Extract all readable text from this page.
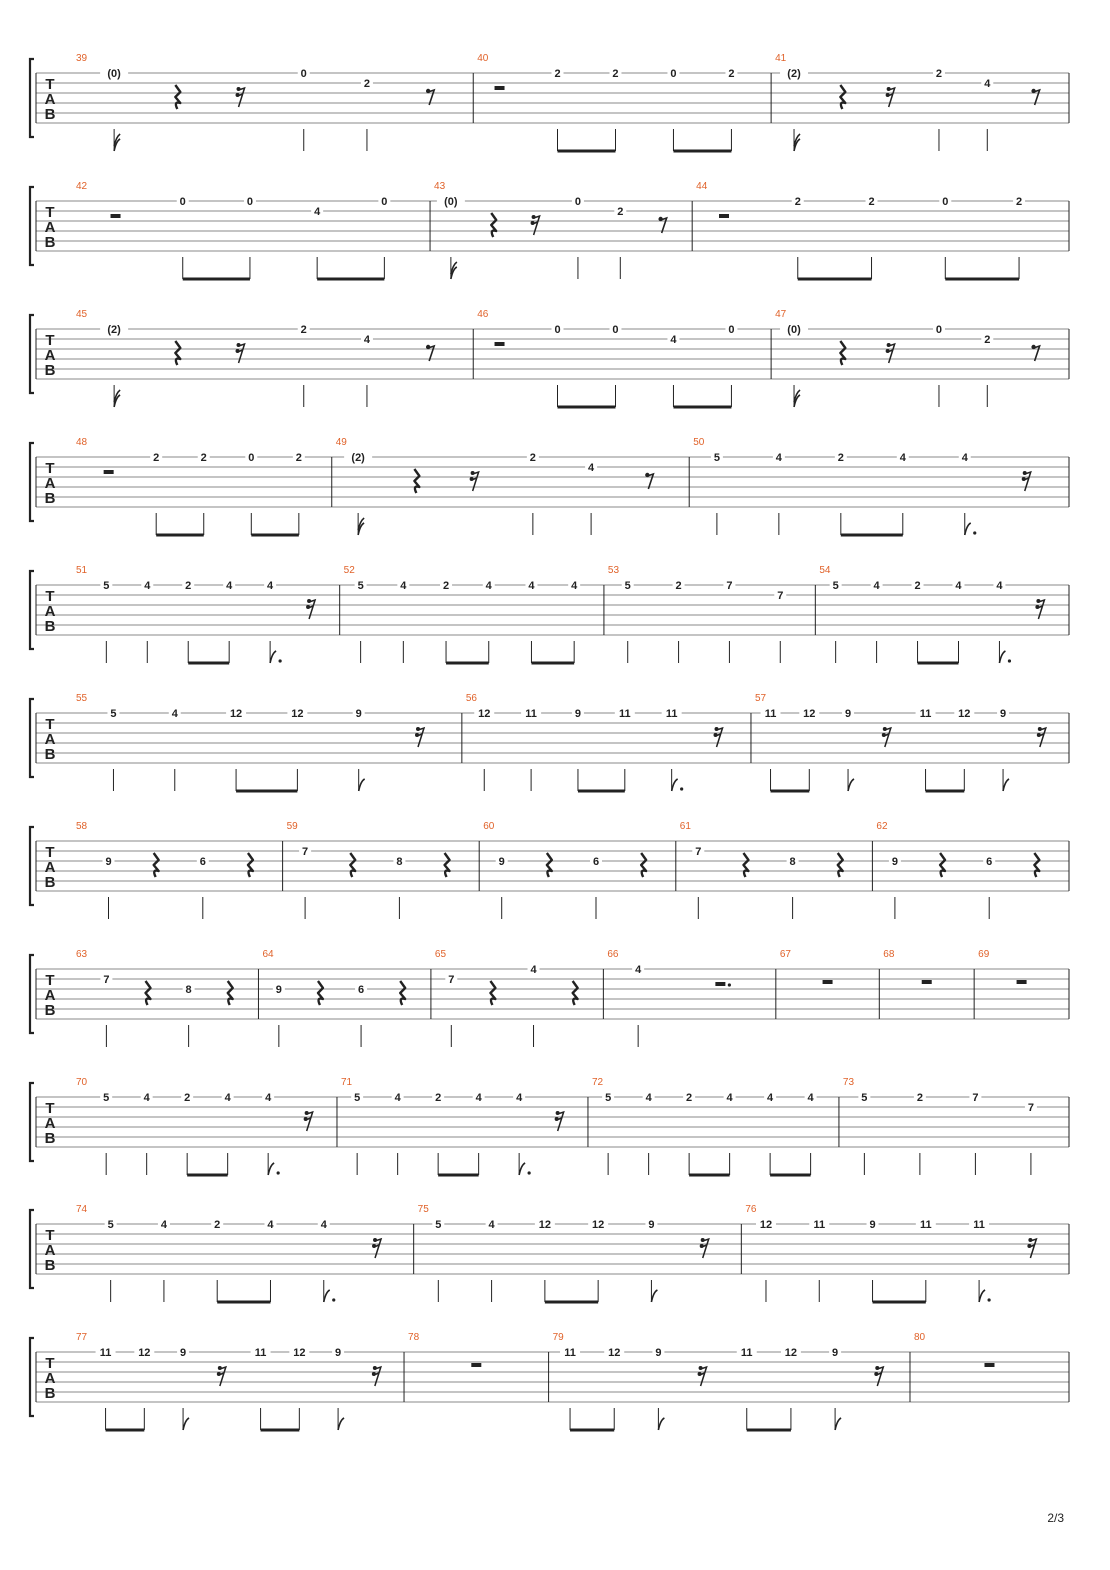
T
A
B
39
(0)	0
2
40
2	2	0	2
41
(2)	2
4
T
A
B
42
0	0
4
0
43
(0)	0
2
44
2	2	0	2
T
A
B
45
(2)	2
4
46
0	0
4
0
47
(0)	0
2
T
A
B
48
2	2	0	2
49
(2)	2
4
50
5	4	2	4	4
T
A
B
51
5	4	2	4	4
52
5	4	2	4	4	4
53
5	2	7
7
54
5	4	2	4	4
T
A
B
55
5	4	12	12	9
56
12	11	9	11	11
57
11 12	9	11 12	9
T
A
B
58
9	6
59
7
8
60
9	6
61
7
8
62
9	6
T
A
B
63
7
8
64
9	6
65
7
4
66
4
67	68	69
T
A
B
70
5	4	2	4	4
71
5	4	2	4	4
72
5	4	2	4	4	4
73
5	2	7
7
T
A
B
74
5	4	2	4	4
75
5	4	12	12	9
76
12	11	9	11	11
T
A
B
77
11 12	9	11 12	9
78	79
11	12	9	11	12	9
80
2/3
